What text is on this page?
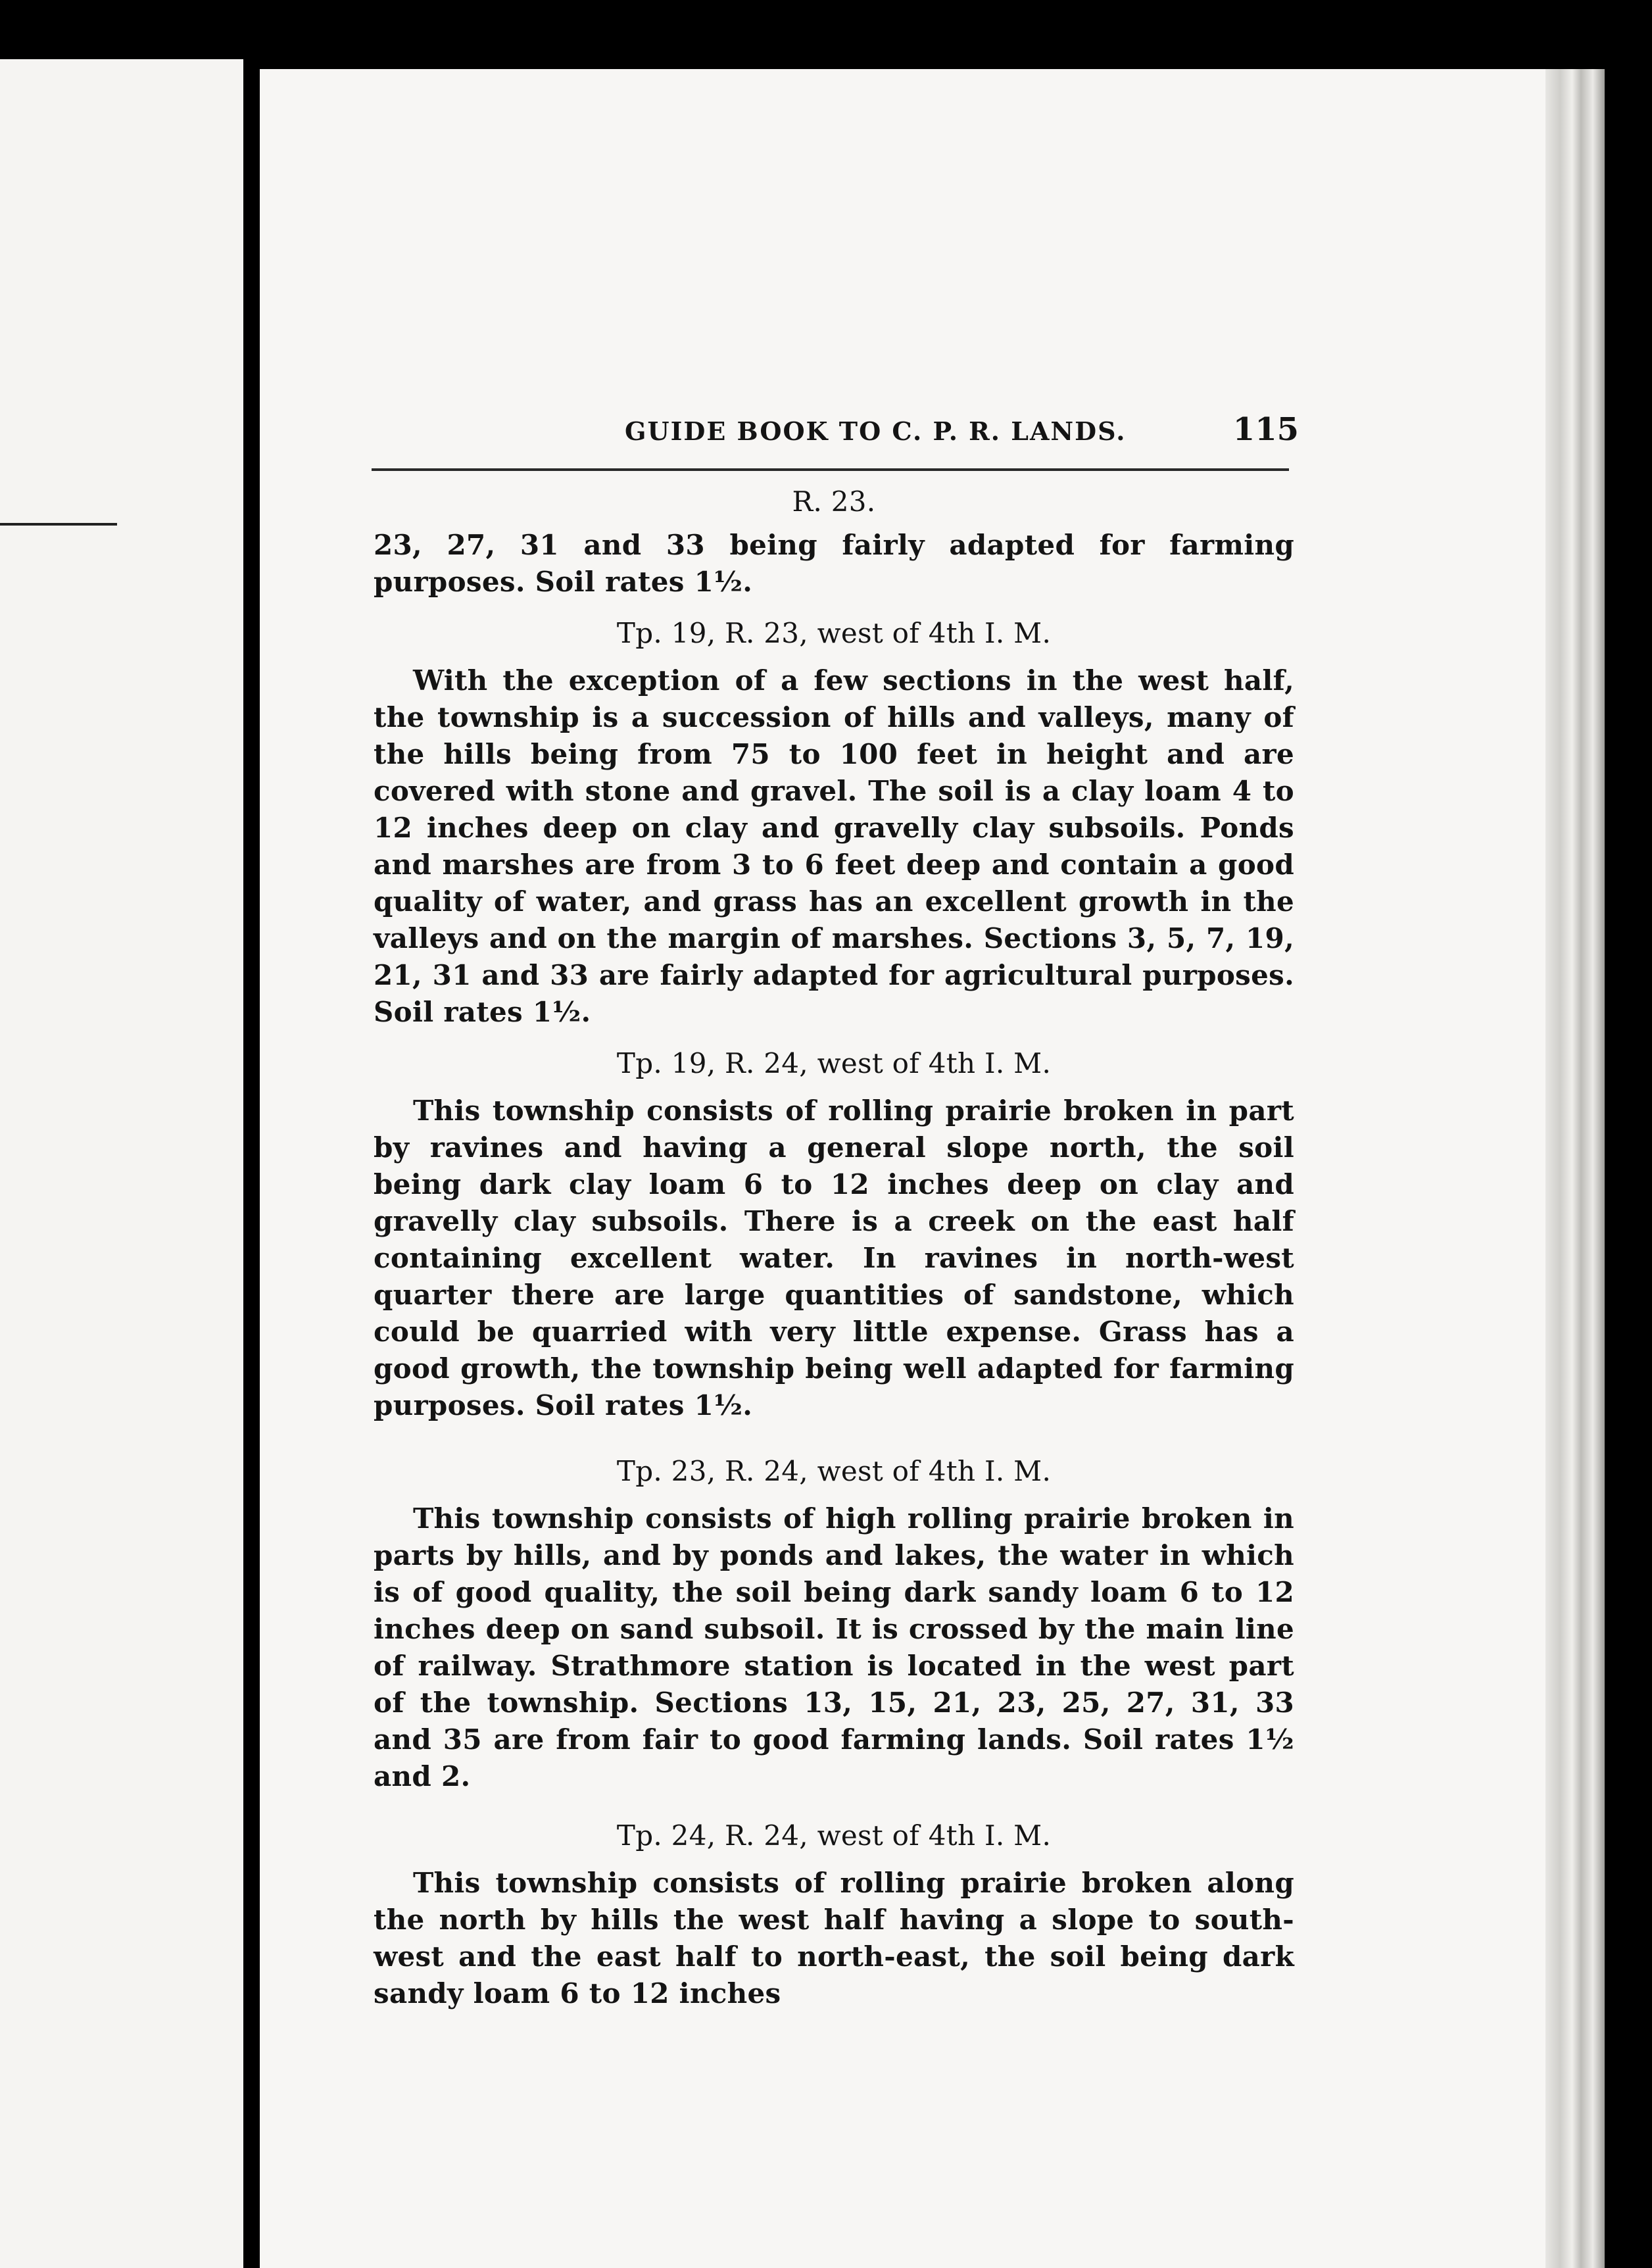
GUIDE BOOK TO C. P. R. LANDS.	115

R. 23.

23, 27, 31 and 33 being fairly adapted for farming purposes. Soil rates 1½.

Tp. 19, R. 23, west of 4th I. M.

With the exception of a few sections in the west half, the township is a succession of hills and valleys, many of the hills being from 75 to 100 feet in height and are covered with stone and gravel. The soil is a clay loam 4 to 12 inches deep on clay and gravelly clay subsoils. Ponds and marshes are from 3 to 6 feet deep and contain a good quality of water, and grass has an excellent growth in the valleys and on the margin of marshes. Sections 3, 5, 7, 19, 21, 31 and 33 are fairly adapted for agricultural purposes. Soil rates 1½.

Tp. 19, R. 24, west of 4th I. M.

This township consists of rolling prairie broken in part by ravines and having a general slope north, the soil being dark clay loam 6 to 12 inches deep on clay and gravelly clay subsoils. There is a creek on the east half containing excellent water. In ravines in north-west quarter there are large quantities of sandstone, which could be quarried with very little expense. Grass has a good growth, the township being well adapted for farming purposes. Soil rates 1½.

Tp. 23, R. 24, west of 4th I. M.

This township consists of high rolling prairie broken in parts by hills, and by ponds and lakes, the water in which is of good quality, the soil being dark sandy loam 6 to 12 inches deep on sand subsoil. It is crossed by the main line of railway. Strathmore station is located in the west part of the township. Sections 13, 15, 21, 23, 25, 27, 31, 33 and 35 are from fair to good farming lands. Soil rates 1½ and 2.

Tp. 24, R. 24, west of 4th I. M.

This township consists of rolling prairie broken along the north by hills the west half having a slope to south-west and the east half to north-east, the soil being dark sandy loam 6 to 12 inches
